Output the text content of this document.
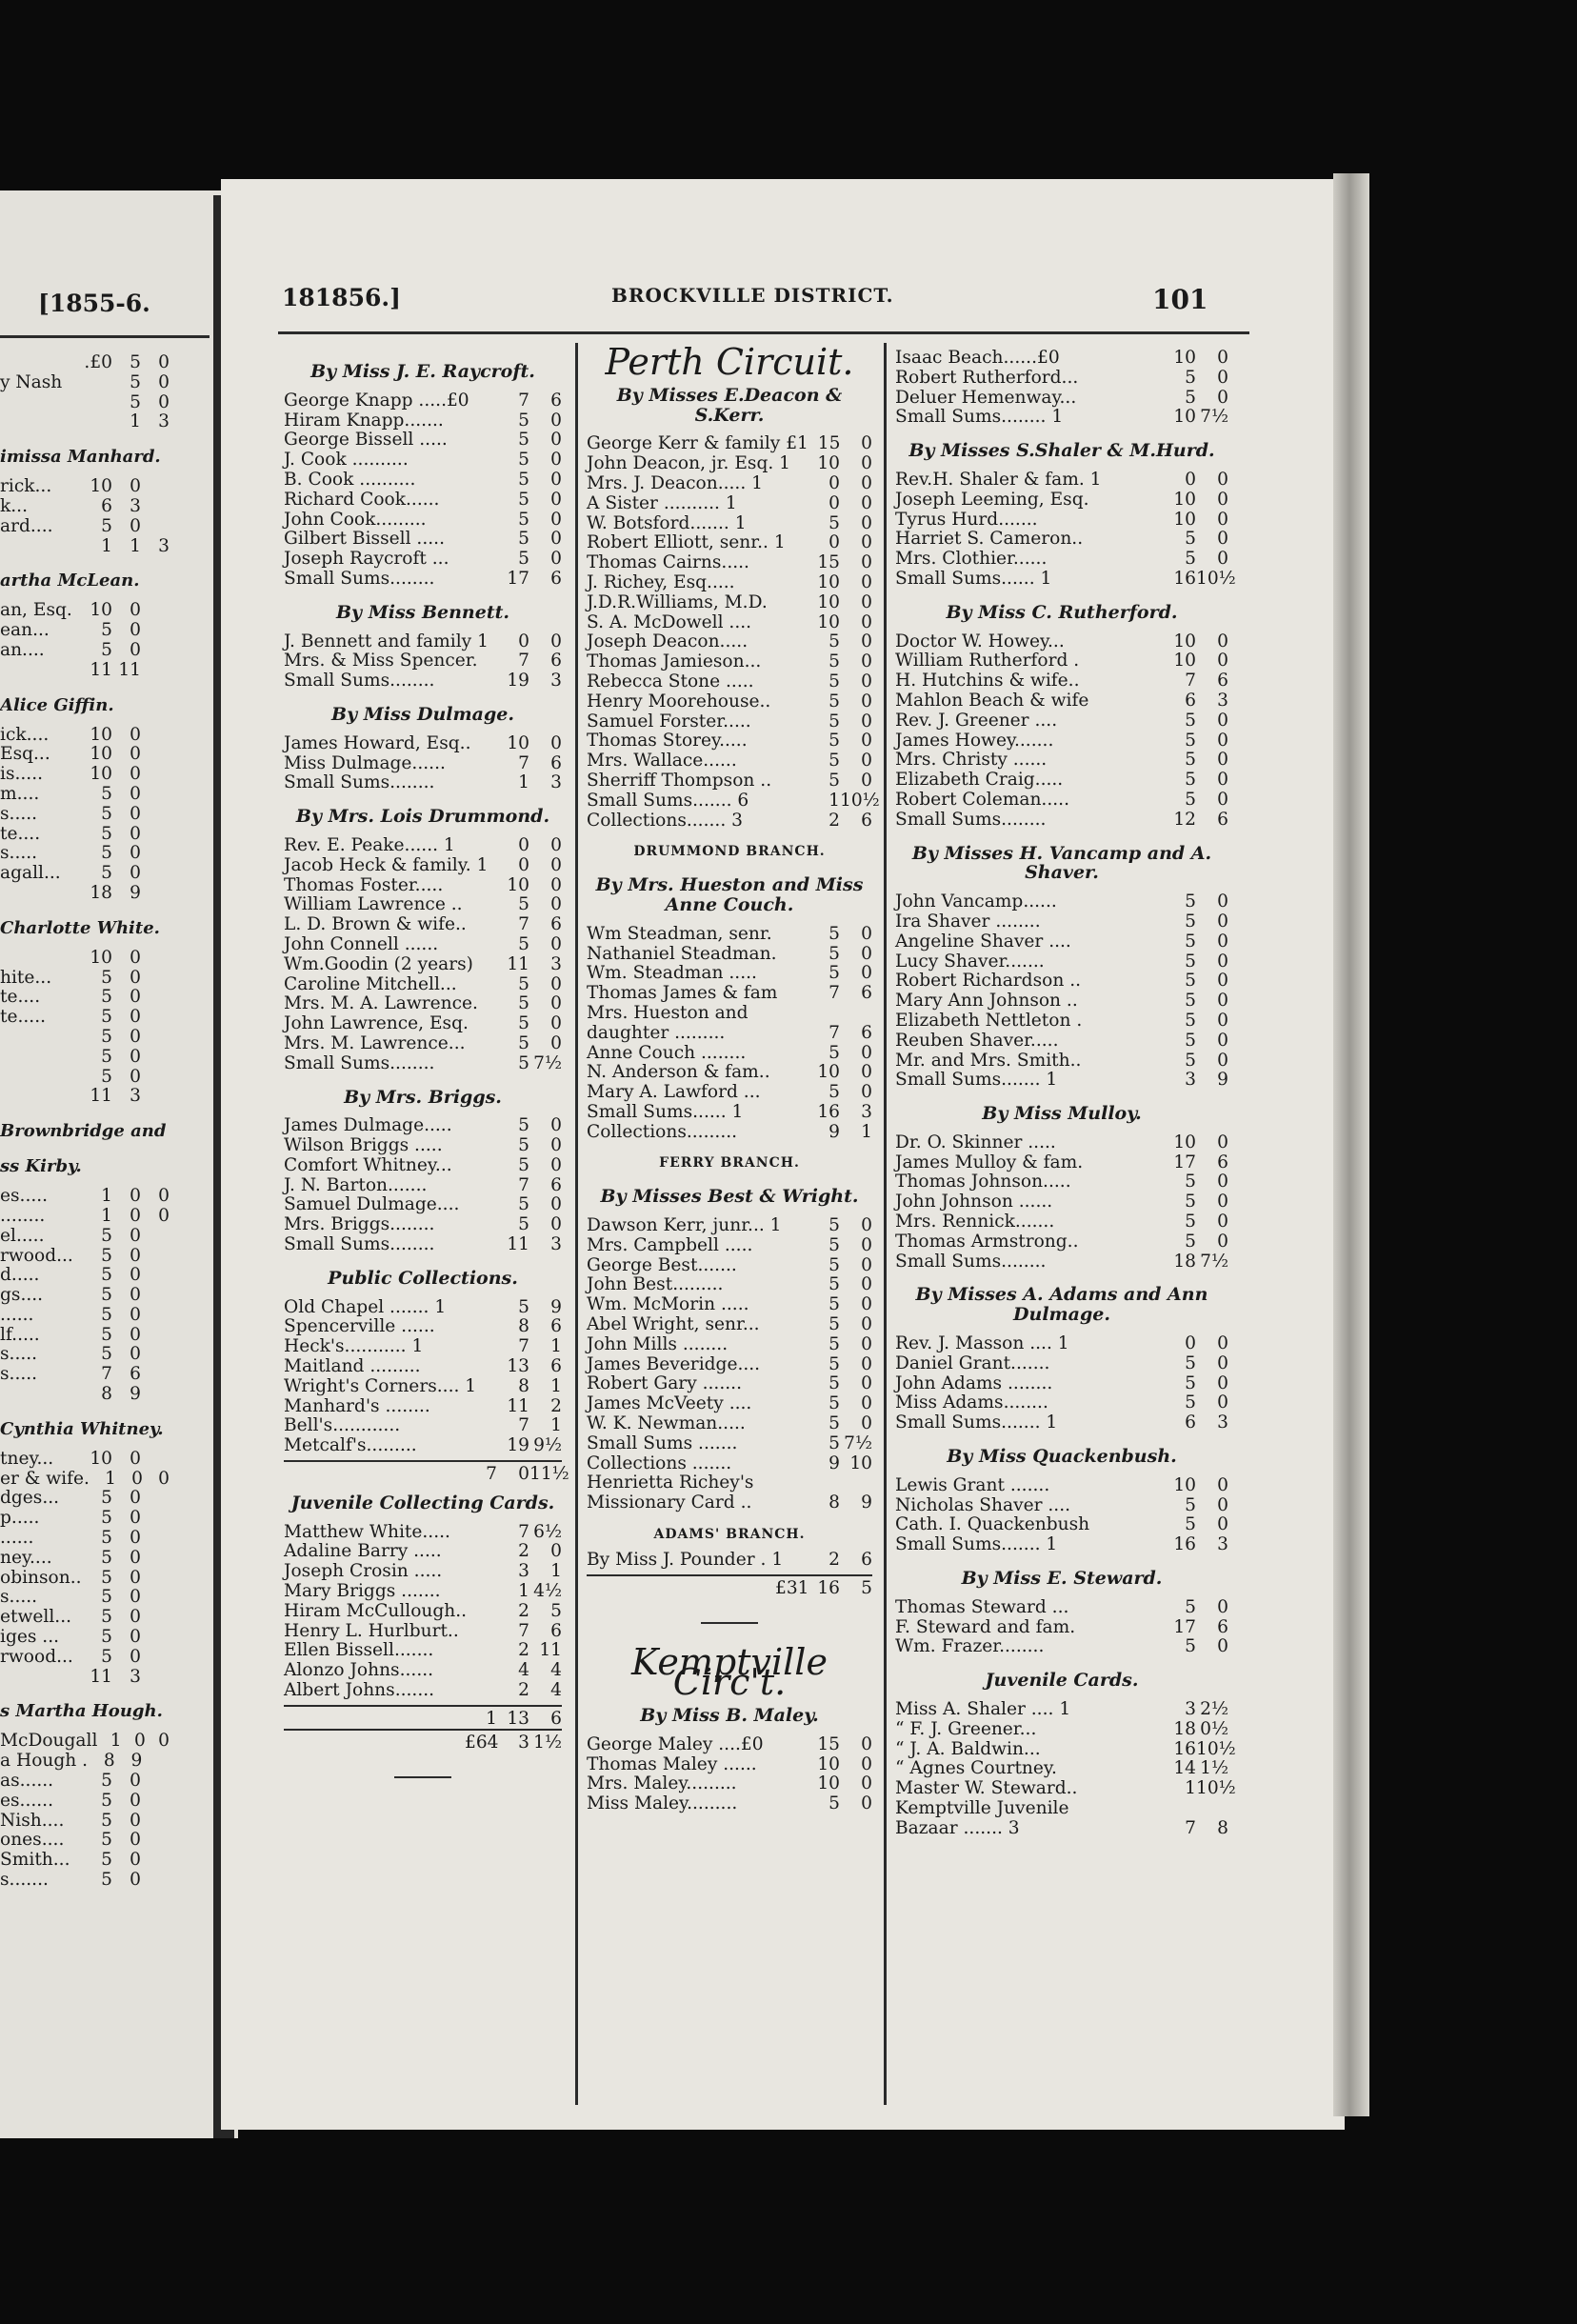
[1855-6.
.£0 5 0
y Nash	5 0
5 0
1 3
imissa Manhard.
rick...	10 0
k...	6 3
ard....	5 0
1 1 3
artha McLean.
an, Esq. 10 0
ean...	5 0
an....	5 0
11 11
Alice Giffin.
ick....	10 0
Esq...	10 0
is.....	10 0
m....	5 0
s.....	5 0
te....	5 0
s.....	5 0
agall...	5 0
18 9
Charlotte White.
10 0
hite...	5 0
te....	5 0
te.....	5 0
5 0
5 0
5 0
11 3
Brownbridge and
ss Kirby.
es.....	1 0 0
........	1 0 0
el.....	5 0
rwood...	5 0
d.....	5 0
gs....	5 0
......	5 0
lf.....	5 0
s.....	5 0
s.....	7 6
8 9
Cynthia Whitney.
tney...	10 0
er & wife. 1 0 0
dges...	5 0
p.....	5 0
......	5 0
ney....	5 0
obinson..	5 0
s.....	5 0
etwell...	5 0
iges ...	5 0
rwood...	5 0
11 3
s Martha Hough.
McDougall 1 0 0
a Hough . 8 9
as......	5 0
es......	5 0
Nish....	5 0
ones....	5 0
Smith...	5 0
s.......	5 0
181856.]	BROCKVILLE DISTRICT.	101
By Miss J. E. Raycroft.
George Knapp .....£0	7	6
Hiram Knapp.......	5	0
George Bissell .....	5	0
J. Cook ..........	5	0
B. Cook ..........	5	0
Richard Cook......	5	0
John Cook.........	5	0
Gilbert Bissell .....	5	0
Joseph Raycroft ...	5	0
Small Sums........	17	6
By Miss Bennett.
J. Bennett and family 1	0	0
Mrs. & Miss Spencer.	7	6
Small Sums........	19	3
By Miss Dulmage.
James Howard, Esq..	10	0
Miss Dulmage......	7	6
Small Sums........	1	3
By Mrs. Lois Drummond.
Rev. E. Peake...... 1	0	0
Jacob Heck & family. 1	0	0
Thomas Foster.....	10	0
William Lawrence ..	5	0
L. D. Brown & wife..	7	6
John Connell ......	5	0
Wm.Goodin (2 years)	11	3
Caroline Mitchell...	5	0
Mrs. M. A. Lawrence.	5	0
John Lawrence, Esq.	5	0
Mrs. M. Lawrence...	5	0
Small Sums........	5 7½
By Mrs. Briggs.
James Dulmage.....	5	0
Wilson Briggs .....	5	0
Comfort Whitney...	5	0
J. N. Barton.......	7	6
Samuel Dulmage....	5	0
Mrs. Briggs........	5	0
Small Sums........	11	3
Public Collections.
Old Chapel ....... 1	5	9
Spencerville ......	8	6
Heck's........... 1	7	1
Maitland .........	13	6
Wright's Corners.... 1	8	1
Manhard's ........	11	2
Bell's............	7	1
Metcalf's.........	19 9½
7	0 11½
Juvenile Collecting Cards.
Matthew White.....	7 6½
Adaline Barry .....	2	0
Joseph Crosin .....	3	1
Mary Briggs .......	1 4½
Hiram McCullough..	2	5
Henry L. Hurlburt..	7	6
Ellen Bissell.......	2 11
Alonzo Johns......	4	4
Albert Johns.......	2	4
1 13	6
£64	3 1½
Perth Circuit.
By Misses E.Deacon & S.Kerr.
George Kerr & family £1 15	0
John Deacon, jr. Esq. 1	10	0
Mrs. J. Deacon..... 1	0	0
A Sister .......... 1	0	0
W. Botsford....... 1	5	0
Robert Elliott, senr.. 1	0	0
Thomas Cairns.....	15	0
J. Richey, Esq.....	10	0
J.D.R.Williams, M.D.	10	0
S. A. McDowell ....	10	0
Joseph Deacon.....	5	0
Thomas Jamieson...	5	0
Rebecca Stone .....	5	0
Henry Moorehouse..	5	0
Samuel Forster.....	5	0
Thomas Storey.....	5	0
Mrs. Wallace......	5	0
Sherriff Thompson ..	5	0
Small Sums....... 6	1 10½
Collections....... 3	2	6
DRUMMOND BRANCH.
By Mrs. Hueston and Miss Anne Couch.
Wm Steadman, senr.	5	0
Nathaniel Steadman.	5	0
Wm. Steadman .....	5	0
Thomas James & fam	7	6
Mrs. Hueston and
daughter .........	7	6
Anne Couch ........	5	0
N. Anderson & fam..	10	0
Mary A. Lawford ...	5	0
Small Sums...... 1	16	3
Collections.........	9	1
FERRY BRANCH.
By Misses Best & Wright.
Dawson Kerr, junr... 1	5	0
Mrs. Campbell .....	5	0
George Best.......	5	0
John Best.........	5	0
Wm. McMorin .....	5	0
Abel Wright, senr...	5	0
John Mills ........	5	0
James Beveridge....	5	0
Robert Gary .......	5	0
James McVeety ....	5	0
W. K. Newman.....	5	0
Small Sums .......	5 7½
Collections .......	9 10
Henrietta Richey's
Missionary Card ..	8	9
ADAMS' BRANCH.
By Miss J. Pounder . 1	2	6
£31 16	5
Kemptville Circ't.
By Miss B. Maley.
George Maley ....£0	15	0
Thomas Maley ......	10	0
Mrs. Maley.........	10	0
Miss Maley.........	5	0
Isaac Beach......£0	10	0
Robert Rutherford...	5	0
Deluer Hemenway...	5	0
Small Sums........ 1	10 7½
By Misses S.Shaler & M.Hurd.
Rev.H. Shaler & fam. 1	0	0
Joseph Leeming, Esq.	10	0
Tyrus Hurd.......	10	0
Harriet S. Cameron..	5	0
Mrs. Clothier......	5	0
Small Sums...... 1	16 10½
By Miss C. Rutherford.
Doctor W. Howey...	10	0
William Rutherford .	10	0
H. Hutchins & wife..	7	6
Mahlon Beach & wife	6	3
Rev. J. Greener ....	5	0
James Howey.......	5	0
Mrs. Christy ......	5	0
Elizabeth Craig.....	5	0
Robert Coleman.....	5	0
Small Sums........	12	6
By Misses H. Vancamp and A. Shaver.
John Vancamp......	5	0
Ira Shaver ........	5	0
Angeline Shaver ....	5	0
Lucy Shaver.......	5	0
Robert Richardson ..	5	0
Mary Ann Johnson ..	5	0
Elizabeth Nettleton .	5	0
Reuben Shaver.....	5	0
Mr. and Mrs. Smith..	5	0
Small Sums....... 1	3	9
By Miss Mulloy.
Dr. O. Skinner .....	10	0
James Mulloy & fam.	17	6
Thomas Johnson.....	5	0
John Johnson ......	5	0
Mrs. Rennick.......	5	0
Thomas Armstrong..	5	0
Small Sums........	18 7½
By Misses A. Adams and Ann Dulmage.
Rev. J. Masson .... 1	0	0
Daniel Grant.......	5	0
John Adams ........	5	0
Miss Adams........	5	0
Small Sums....... 1	6	3
By Miss Quackenbush.
Lewis Grant .......	10	0
Nicholas Shaver ....	5	0
Cath. I. Quackenbush	5	0
Small Sums....... 1	16	3
By Miss E. Steward.
Thomas Steward ...	5	0
F. Steward and fam.	17	6
Wm. Frazer........	5	0
Juvenile Cards.
Miss A. Shaler .... 1	3 2½
“ F. J. Greener...	18 0½
“ J. A. Baldwin...	16 10½
“ Agnes Courtney.	14 1½
Master W. Steward..	1 10½
Kemptville Juvenile
Bazaar ....... 3	7	8
